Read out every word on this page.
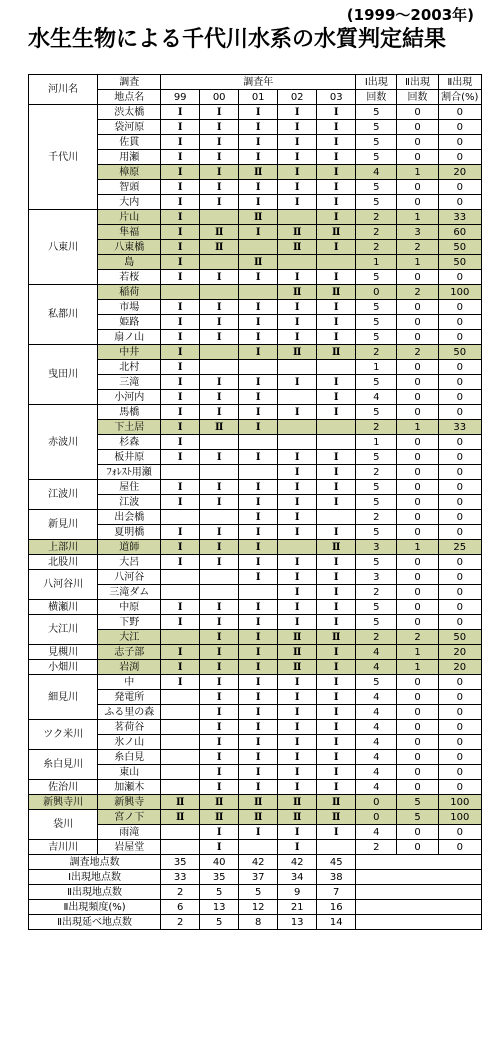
(1999～2003年)
水生生物による千代川水系の水質判定結果
河川名	調査	調査年					Ⅰ出現	Ⅱ出現	Ⅱ出現
	地点名	99	00	01	02	03	回数	回数	割合(%)
千代川	渋太橋	Ⅰ	Ⅰ	Ⅰ	Ⅰ	Ⅰ	5	0	0
	袋河原	Ⅰ	Ⅰ	Ⅰ	Ⅰ	Ⅰ	5	0	0
	佐貫	Ⅰ	Ⅰ	Ⅰ	Ⅰ	Ⅰ	5	0	0
	用瀬	Ⅰ	Ⅰ	Ⅰ	Ⅰ	Ⅰ	5	0	0
	樟原	Ⅰ	Ⅰ	Ⅱ	Ⅰ	Ⅰ	4	1	20
	智頭	Ⅰ	Ⅰ	Ⅰ	Ⅰ	Ⅰ	5	0	0
	大内	Ⅰ	Ⅰ	Ⅰ	Ⅰ	Ⅰ	5	0	0
八東川	片山	Ⅰ		Ⅱ		Ⅰ	2	1	33
	隼福	Ⅰ	Ⅱ	Ⅰ	Ⅱ	Ⅱ	2	3	60
	八東橋	Ⅰ	Ⅱ		Ⅱ	Ⅰ	2	2	50
	島	Ⅰ		Ⅱ			1	1	50
	若桜	Ⅰ	Ⅰ	Ⅰ	Ⅰ	Ⅰ	5	0	0
私都川	稲荷				Ⅱ	Ⅱ	0	2	100
	市場	Ⅰ	Ⅰ	Ⅰ	Ⅰ	Ⅰ	5	0	0
	姫路	Ⅰ	Ⅰ	Ⅰ	Ⅰ	Ⅰ	5	0	0
	扇ノ山	Ⅰ	Ⅰ	Ⅰ	Ⅰ	Ⅰ	5	0	0
曳田川	中井	Ⅰ		Ⅰ	Ⅱ	Ⅱ	2	2	50
	北村	Ⅰ					1	0	0
	三滝	Ⅰ	Ⅰ	Ⅰ	Ⅰ	Ⅰ	5	0	0
	小河内	Ⅰ	Ⅰ	Ⅰ		Ⅰ	4	0	0
赤波川	馬橋	Ⅰ	Ⅰ	Ⅰ	Ⅰ	Ⅰ	5	0	0
	下土居	Ⅰ	Ⅱ	Ⅰ			2	1	33
	杉森	Ⅰ					1	0	0
	板井原	Ⅰ	Ⅰ	Ⅰ	Ⅰ	Ⅰ	5	0	0
	ﾌｫﾚｽﾄ用瀬				Ⅰ	Ⅰ	2	0	0
江波川	屋住	Ⅰ	Ⅰ	Ⅰ	Ⅰ	Ⅰ	5	0	0
	江波	Ⅰ	Ⅰ	Ⅰ	Ⅰ	Ⅰ	5	0	0
新見川	出会橋			Ⅰ	Ⅰ		2	0	0
	夏明橋	Ⅰ	Ⅰ	Ⅰ	Ⅰ	Ⅰ	5	0	0
上部川	道師	Ⅰ	Ⅰ	Ⅰ		Ⅱ	3	1	25
北股川	大呂	Ⅰ	Ⅰ	Ⅰ	Ⅰ	Ⅰ	5	0	0
八河谷川	八河谷			Ⅰ	Ⅰ	Ⅰ	3	0	0
	三滝ダム				Ⅰ	Ⅰ	2	0	0
横瀬川	中原	Ⅰ	Ⅰ	Ⅰ	Ⅰ	Ⅰ	5	0	0
大江川	下野	Ⅰ	Ⅰ	Ⅰ	Ⅰ	Ⅰ	5	0	0
	大江		Ⅰ	Ⅰ	Ⅱ	Ⅱ	2	2	50
見槻川	志子部	Ⅰ	Ⅰ	Ⅰ	Ⅱ	Ⅰ	4	1	20
小畑川	岩渕	Ⅰ	Ⅰ	Ⅰ	Ⅱ	Ⅰ	4	1	20
細見川	中	Ⅰ	Ⅰ	Ⅰ	Ⅰ	Ⅰ	5	0	0
	発電所		Ⅰ	Ⅰ	Ⅰ	Ⅰ	4	0	0
	ふる里の森		Ⅰ	Ⅰ	Ⅰ	Ⅰ	4	0	0
ツク米川	茗荷谷		Ⅰ	Ⅰ	Ⅰ	Ⅰ	4	0	0
	氷ノ山		Ⅰ	Ⅰ	Ⅰ	Ⅰ	4	0	0
糸白見川	糸白見		Ⅰ	Ⅰ	Ⅰ	Ⅰ	4	0	0
	東山		Ⅰ	Ⅰ	Ⅰ	Ⅰ	4	0	0
佐治川	加瀬木		Ⅰ	Ⅰ	Ⅰ	Ⅰ	4	0	0
新興寺川	新興寺	Ⅱ	Ⅱ	Ⅱ	Ⅱ	Ⅱ	0	5	100
袋川	宮ノ下	Ⅱ	Ⅱ	Ⅱ	Ⅱ	Ⅱ	0	5	100
	雨滝		Ⅰ	Ⅰ	Ⅰ	Ⅰ	4	0	0
吉川川	岩屋堂		Ⅰ		Ⅰ		2	0	0
調査地点数		35	40	42	42	45			
Ⅰ出現地点数		33	35	37	34	38			
Ⅱ出現地点数		2	5	5	9	7			
Ⅱ出現頻度(%)		6	13	12	21	16			
Ⅱ出現延べ地点数		2	5	8	13	14			
